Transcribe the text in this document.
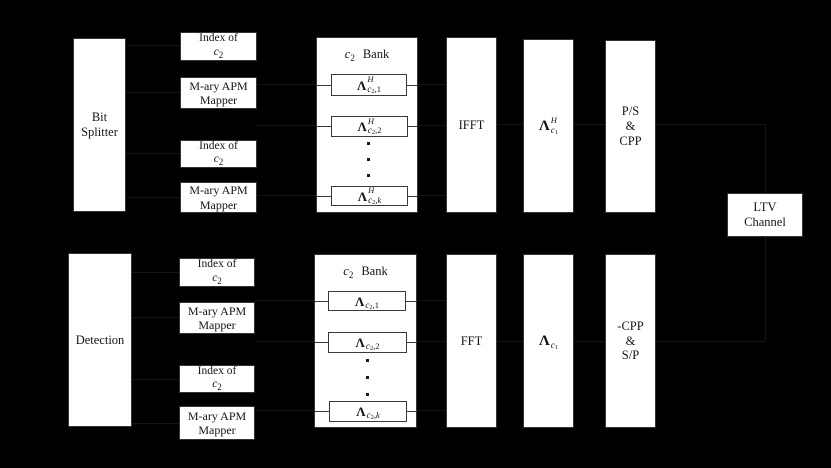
Bit
Splitter
Index of
$c_2$
M-ary APM
Mapper
Index of
$c_2$
M-ary APM
Mapper
$c_2$ Bank
Λ H
c 2 , 1
Λ H
c 2 , 2
Λ H
c 2 , k
IFFT	Λ H
c 1
P/S
&
CPP
LTV
Channel
Detection
Index of
$c_2$
M-ary APM
Mapper
Index of
$c_2$
M-ary APM
Mapper
$c_2$ Bank
Λ c 2 , 1
Λ c 2 , 2
Λ c 2 , k
FFT	Λ c 1
-CPP
&
S/P
